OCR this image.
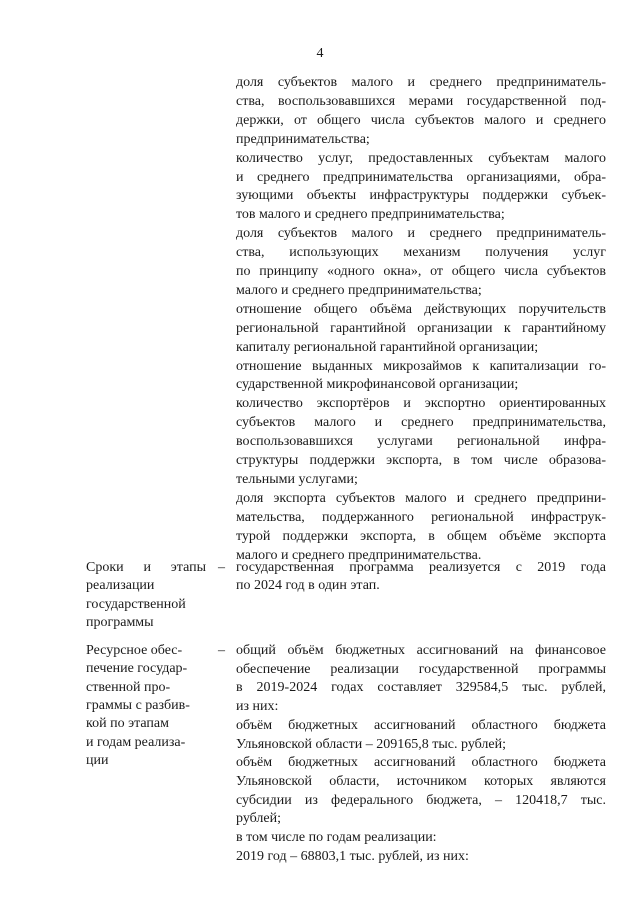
4
доля субъектов малого и среднего предприниматель-
ства, воспользовавшихся мерами государственной под-
держки, от общего числа субъектов малого и среднего
предпринимательства;
количество услуг, предоставленных субъектам малого
и среднего предпринимательства организациями, обра-
зующими объекты инфраструктуры поддержки субъек-
тов малого и среднего предпринимательства;
доля субъектов малого и среднего предприниматель-
ства, использующих механизм получения услуг
по принципу «одного окна», от общего числа субъектов
малого и среднего предпринимательства;
отношение общего объёма действующих поручительств
региональной гарантийной организации к гарантийному
капиталу региональной гарантийной организации;
отношение выданных микрозаймов к капитализации го-
сударственной микрофинансовой организации;
количество экспортёров и экспортно ориентированных
субъектов малого и среднего предпринимательства,
воспользовавшихся услугами региональной инфра-
структуры поддержки экспорта, в том числе образова-
тельными услугами;
доля экспорта субъектов малого и среднего предприни-
мательства, поддержанного региональной инфраструк-
турой поддержки экспорта, в общем объёме экспорта
малого и среднего предпринимательства.
Сроки и этапы
реализации
государственной
программы
– государственная программа реализуется с 2019 года
по 2024 год в один этап.
Ресурсное обес-
печение государ-
ственной про-
граммы с разбив-
кой по этапам
и годам реализа-
ции
– общий объём бюджетных ассигнований на финансовое
обеспечение реализации государственной программы
в 2019-2024 годах составляет 329584,5 тыс. рублей,
из них:
объём бюджетных ассигнований областного бюджета
Ульяновской области – 209165,8 тыс. рублей;
объём бюджетных ассигнований областного бюджета
Ульяновской области, источником которых являются
субсидии из федерального бюджета, – 120418,7 тыс.
рублей;
в том числе по годам реализации:
2019 год – 68803,1 тыс. рублей, из них:
